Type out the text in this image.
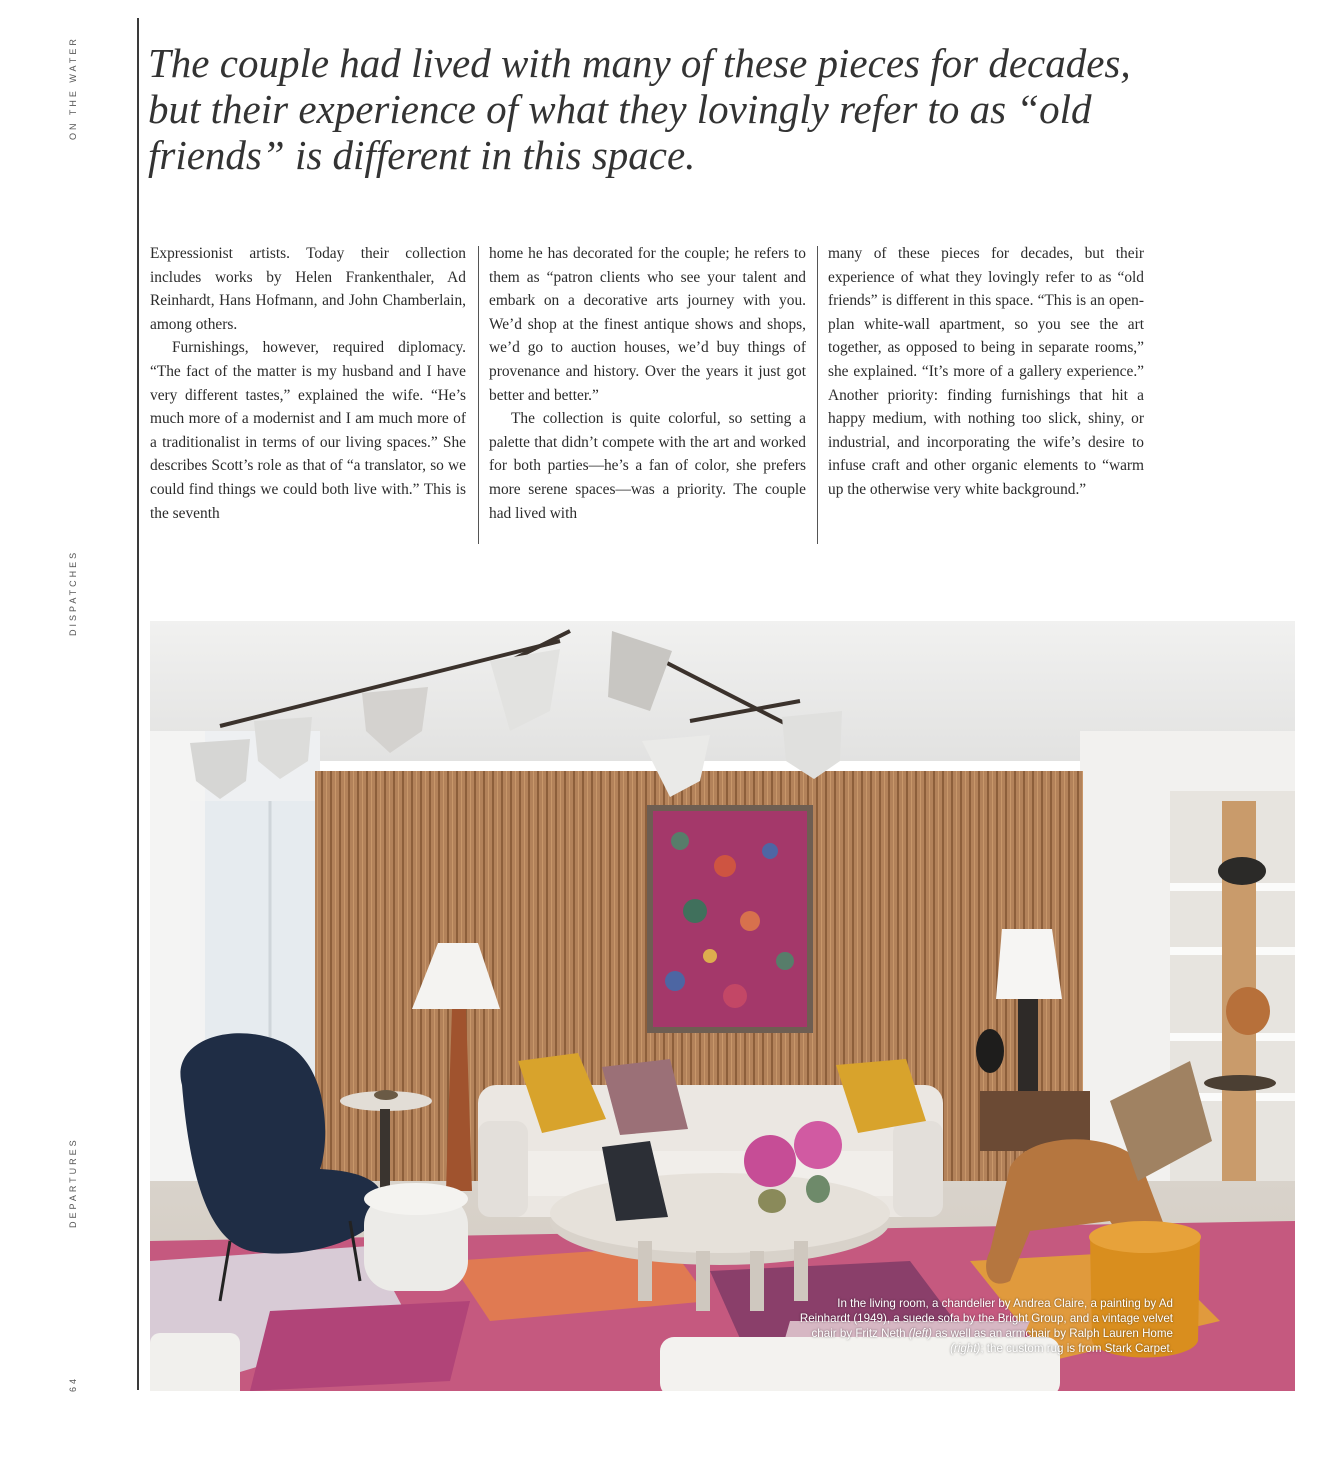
ON THE WATER
DISPATCHES
DEPARTURES
64

The couple had lived with many of these pieces for decades, but their experience of what they lovingly refer to as “old friends” is different in this space.

Expressionist artists. Today their collection includes works by Helen Frankenthaler, Ad Reinhardt, Hans Hofmann, and John Chamberlain, among others.

Furnishings, however, required diplomacy. “The fact of the matter is my husband and I have very different tastes,” explained the wife. “He’s much more of a modernist and I am much more of a traditionalist in terms of our living spaces.” She describes Scott’s role as that of “a translator, so we could find things we could both live with.” This is the seventh

home he has decorated for the couple; he refers to them as “patron clients who see your talent and embark on a decorative arts journey with you. We’d shop at the finest antique shows and shops, we’d go to auction houses, we’d buy things of provenance and history. Over the years it just got better and better.”

The collection is quite colorful, so setting a palette that didn’t compete with the art and worked for both parties—he’s a fan of color, she prefers more serene spaces—was a priority. The couple had lived with

many of these pieces for decades, but their experience of what they lovingly refer to as “old friends” is different in this space. “This is an open-plan white-wall apartment, so you see the art together, as opposed to being in separate rooms,” she explained. “It’s more of a gallery experience.” Another priority: finding furnishings that hit a happy medium, with nothing too slick, shiny, or industrial, and incorporating the wife’s desire to infuse craft and other organic elements to “warm up the otherwise very white background.”

In the living room, a chandelier by Andrea Claire, a painting by Ad Reinhardt (1949), a suede sofa by the Bright Group, and a vintage velvet chair by Fritz Neth (left) as well as an armchair by Ralph Lauren Home (right); the custom rug is from Stark Carpet.
